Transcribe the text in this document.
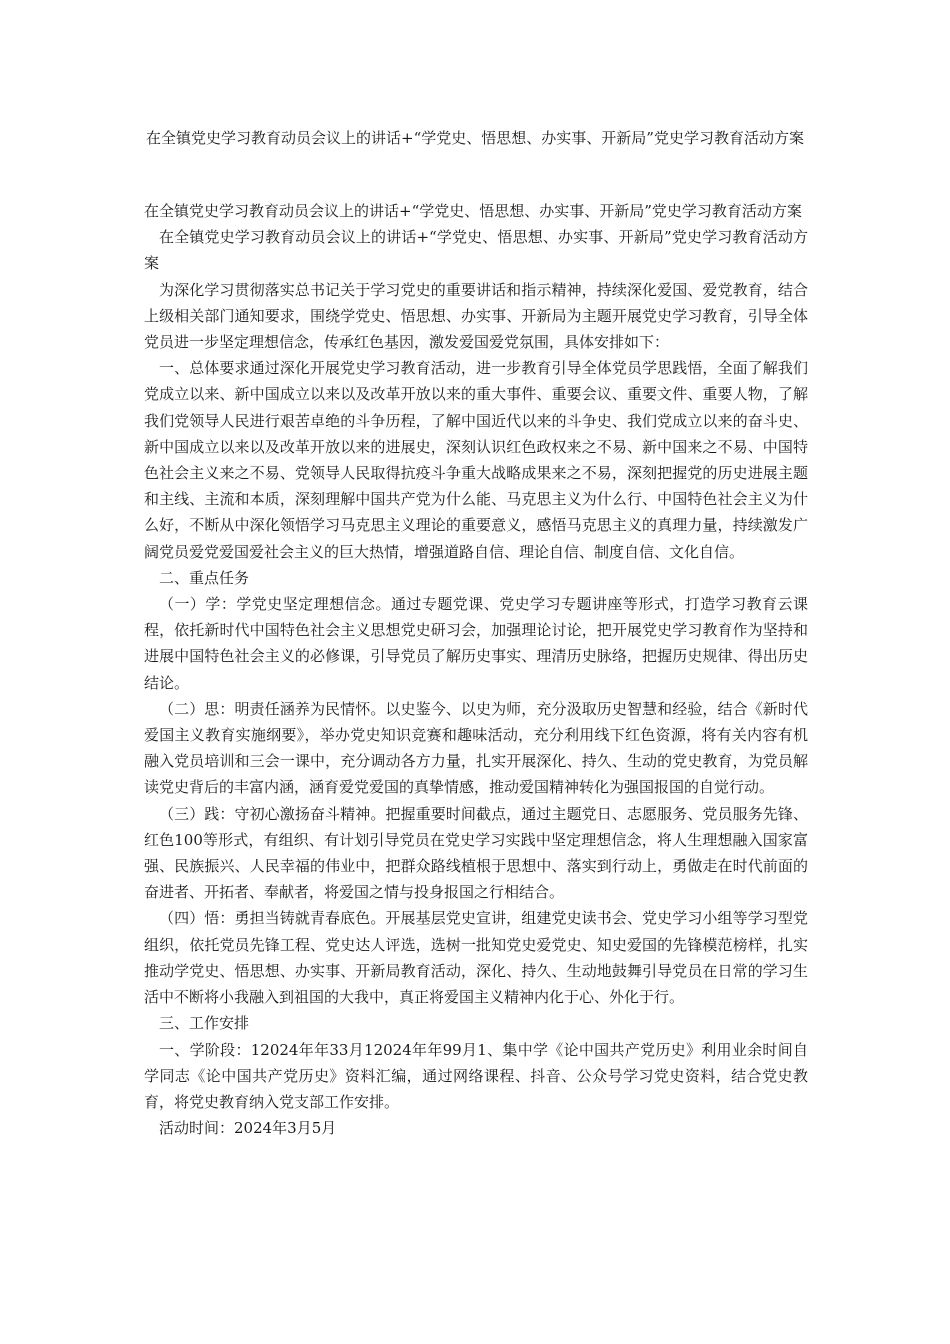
在全镇党史学习教育动员会议上的讲话+“学党史、悟思想、办实事、开新局”党史学习教育活动方案

在全镇党史学习教育动员会议上的讲话+“学党史、悟思想、办实事、开新局”党史学习教育活动方案

在全镇党史学习教育动员会议上的讲话+“学党史、悟思想、办实事、开新局”党史学习教育活动方案

为深化学习贯彻落实总书记关于学习党史的重要讲话和指示精神，持续深化爱国、爱党教育，结合上级相关部门通知要求，围绕学党史、悟思想、办实事、开新局为主题开展党史学习教育，引导全体党员进一步坚定理想信念，传承红色基因，激发爱国爱党氛围，具体安排如下：

一、总体要求通过深化开展党史学习教育活动，进一步教育引导全体党员学思践悟，全面了解我们党成立以来、新中国成立以来以及改革开放以来的重大事件、重要会议、重要文件、重要人物，了解我们党领导人民进行艰苦卓绝的斗争历程，了解中国近代以来的斗争史、我们党成立以来的奋斗史、新中国成立以来以及改革开放以来的进展史，深刻认识红色政权来之不易、新中国来之不易、中国特色社会主义来之不易、党领导人民取得抗疫斗争重大战略成果来之不易，深刻把握党的历史进展主题和主线、主流和本质，深刻理解中国共产党为什么能、马克思主义为什么行、中国特色社会主义为什么好，不断从中深化领悟学习马克思主义理论的重要意义，感悟马克思主义的真理力量，持续激发广阔党员爱党爱国爱社会主义的巨大热情，增强道路自信、理论自信、制度自信、文化自信。

二、重点任务

（一）学：学党史坚定理想信念。通过专题党课、党史学习专题讲座等形式，打造学习教育云课程，依托新时代中国特色社会主义思想党史研习会，加强理论讨论，把开展党史学习教育作为坚持和进展中国特色社会主义的必修课，引导党员了解历史事实、理清历史脉络，把握历史规律、得出历史结论。

（二）思：明责任涵养为民情怀。以史鉴今、以史为师，充分汲取历史智慧和经验，结合《新时代爱国主义教育实施纲要》，举办党史知识竞赛和趣味活动，充分利用线下红色资源，将有关内容有机融入党员培训和三会一课中，充分调动各方力量，扎实开展深化、持久、生动的党史教育，为党员解读党史背后的丰富内涵，涵育爱党爱国的真挚情感，推动爱国精神转化为强国报国的自觉行动。

（三）践：守初心激扬奋斗精神。把握重要时间截点，通过主题党日、志愿服务、党员服务先锋、红色100等形式，有组织、有计划引导党员在党史学习实践中坚定理想信念，将人生理想融入国家富强、民族振兴、人民幸福的伟业中，把群众路线植根于思想中、落实到行动上，勇做走在时代前面的奋进者、开拓者、奉献者，将爱国之情与投身报国之行相结合。

（四）悟：勇担当铸就青春底色。开展基层党史宣讲，组建党史读书会、党史学习小组等学习型党组织，依托党员先锋工程、党史达人评选，选树一批知党史爱党史、知史爱国的先锋模范榜样，扎实推动学党史、悟思想、办实事、开新局教育活动，深化、持久、生动地鼓舞引导党员在日常的学习生活中不断将小我融入到祖国的大我中，真正将爱国主义精神内化于心、外化于行。

三、工作安排

一、学阶段：12024年年33月12024年年99月1、集中学《论中国共产党历史》利用业余时间自学同志《论中国共产党历史》资料汇编，通过网络课程、抖音、公众号学习党史资料，结合党史教育，将党史教育纳入党支部工作安排。

活动时间：2024年3月5月
